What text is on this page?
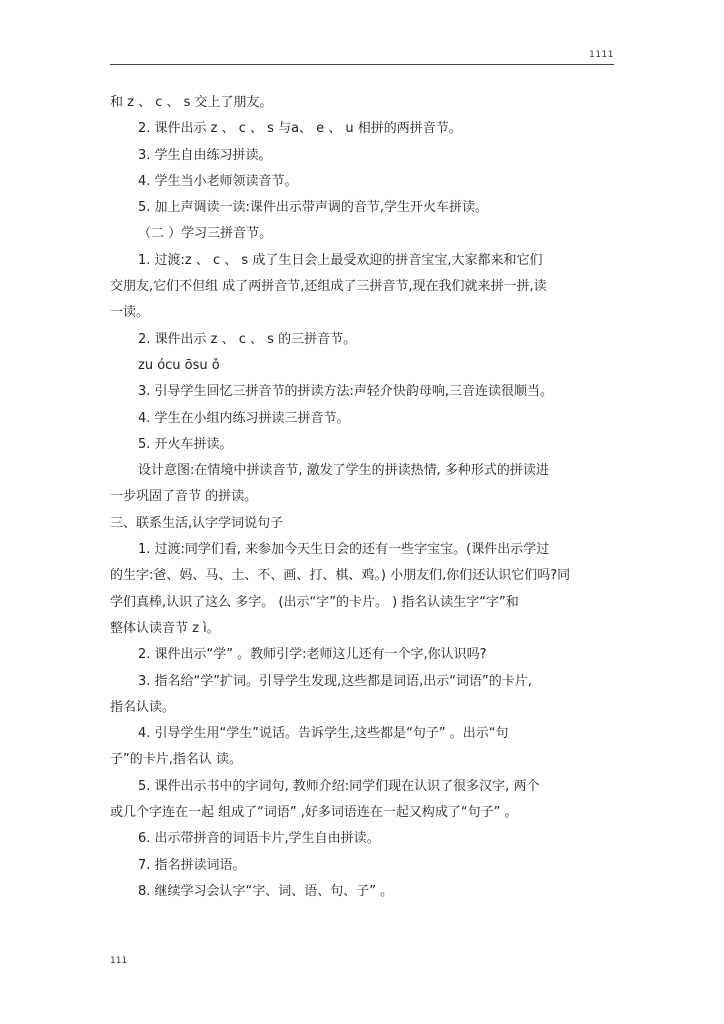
1111
和 z 、 c 、 s 交上了朋友。
2. 课件出示 z 、 c 、 s 与a、 e 、 u 相拼的两拼音节。
3. 学生自由练习拼读。
4. 学生当小老师领读音节。
5. 加上声调读一读:课件出示带声调的音节,学生开火车拼读。
（二 ）学习三拼音节。
1. 过渡:z 、 c 、 s 成了生日会上最受欢迎的拼音宝宝,大家都来和它们
交朋友,它们不但组 成了两拼音节,还组成了三拼音节,现在我们就来拼一拼,读
一读。
2. 课件出示 z 、 c 、 s 的三拼音节。
zu ócu ōsu ǒ
3. 引导学生回忆三拼音节的拼读方法:声轻介快韵母响,三音连读很顺当。
4. 学生在小组内练习拼读三拼音节。
5. 开火车拼读。
设计意图:在情境中拼读音节, 激发了学生的拼读热情, 多种形式的拼读进
一步巩固了音节 的拼读。
三、联系生活,认字学词说句子
1. 过渡:同学们看, 来参加今天生日会的还有一些字宝宝。(课件出示学过
的生字:爸、妈、马、土、不、画、打、棋、鸡。) 小朋友们,你们还认识它们吗?同
学们真棒,认识了这么 多字。 (出示“字”的卡片。 ) 指名认读生字“字”和
整体认读音节 z ì。
2. 课件出示“学” 。教师引学:老师这儿还有一个字,你认识吗?
3. 指名给“学”扩词。引导学生发现,这些都是词语,出示“词语”的卡片,
指名认读。
4. 引导学生用“学生”说话。告诉学生,这些都是“句子” 。出示“句
子”的卡片,指名认 读。
5. 课件出示书中的字词句, 教师介绍:同学们现在认识了很多汉字, 两个
或几个字连在一起 组成了“词语” ,好多词语连在一起又构成了“句子” 。
6. 出示带拼音的词语卡片,学生自由拼读。
7. 指名拼读词语。
8. 继续学习会认字“字、词、语、句、子” 。
111
